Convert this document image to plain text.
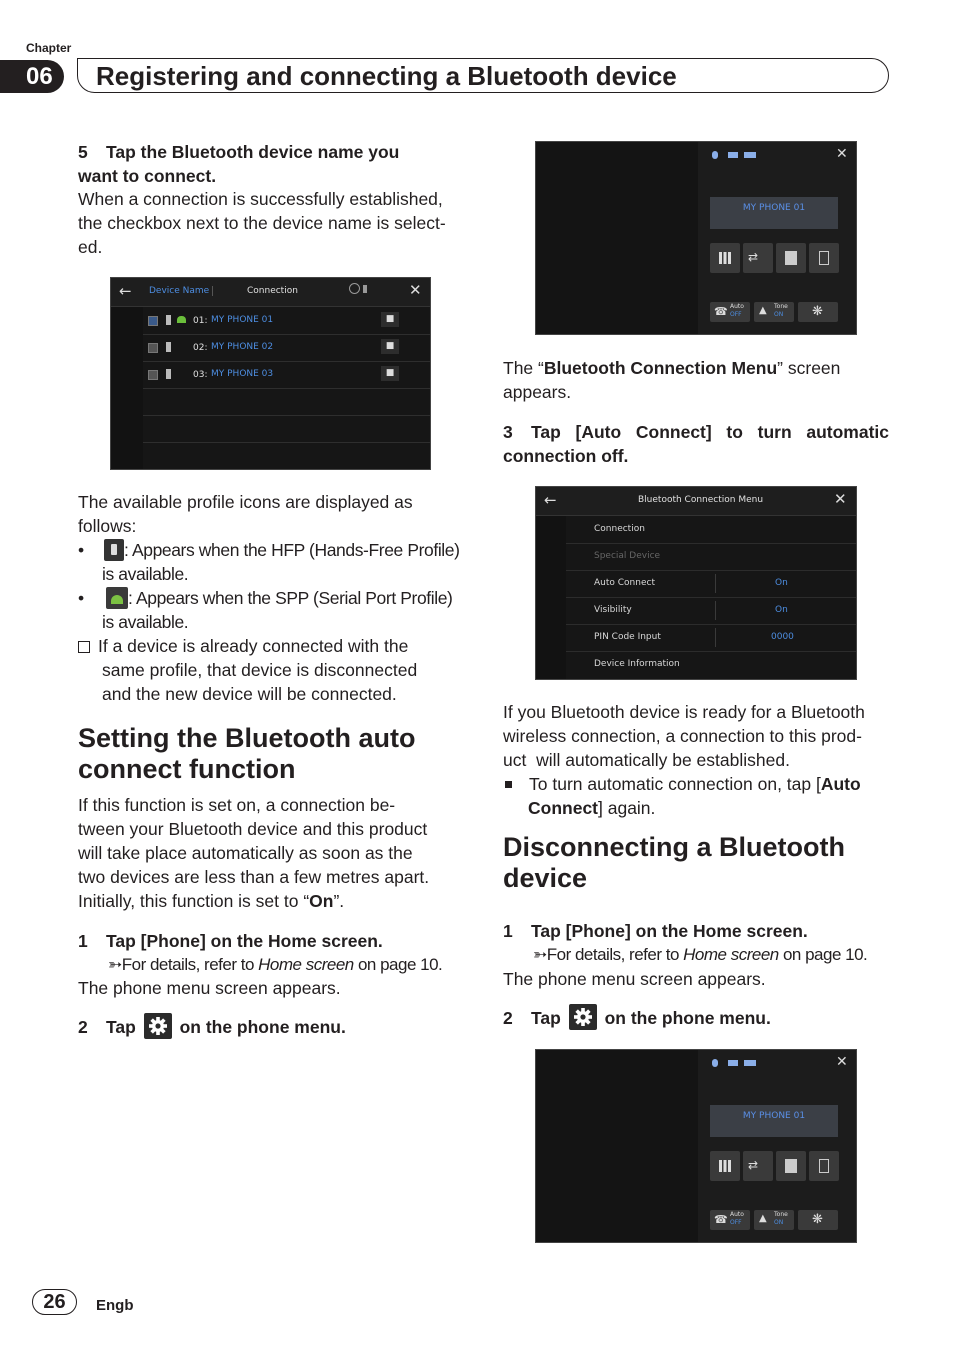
Chapter
06	Registering and connecting a Bluetooth device
5 Tap the Bluetooth device name you
want to connect.
When a connection is successfully established,
the checkbox next to the device name is select-
ed.
← Device Name	Connection	✕
01: MY PHONE 01	■
02: MY PHONE 02	■
03: MY PHONE 03	■
The available profile icons are displayed as
follows:
• : Appears when the HFP (Hands-Free Profile)
is available.
•	: Appears when the SPP (Serial Port Profile)
is available.
If a device is already connected with the
same profile, that device is disconnected
and the new device will be connected.
Setting the Bluetooth auto
connect function
If this function is set on, a connection be-
tween your Bluetooth device and this product
will take place automatically as soon as the
two devices are less than a few metres apart.
Initially, this function is set to “On”.
1 Tap [Phone] on the Home screen.
➳For details, refer to Home screen on page 10.
The phone menu screen appears.
2 Tap	on the phone menu.
✕
MY PHONE 01
⇄
☎ Auto
OFF ▲ Tone
ON ❋
The “Bluetooth Connection Menu” screen
appears.
3 Tap [Auto Connect] to turn automatic
connection off.
←	Bluetooth Connection Menu	✕
Connection
Special Device
Auto Connect	On
Visibility	On
PIN Code Input	0000
Device Information
If you Bluetooth device is ready for a Bluetooth
wireless connection, a connection to this prod-
uct  will automatically be established.
To turn automatic connection on, tap [Auto
Connect] again.
Disconnecting a Bluetooth
device
1 Tap [Phone] on the Home screen.
➳For details, refer to Home screen on page 10.
The phone menu screen appears.
2 Tap	on the phone menu.
✕
MY PHONE 01
⇄
☎ Auto
OFF ▲ Tone
ON ❋
26	Engb
